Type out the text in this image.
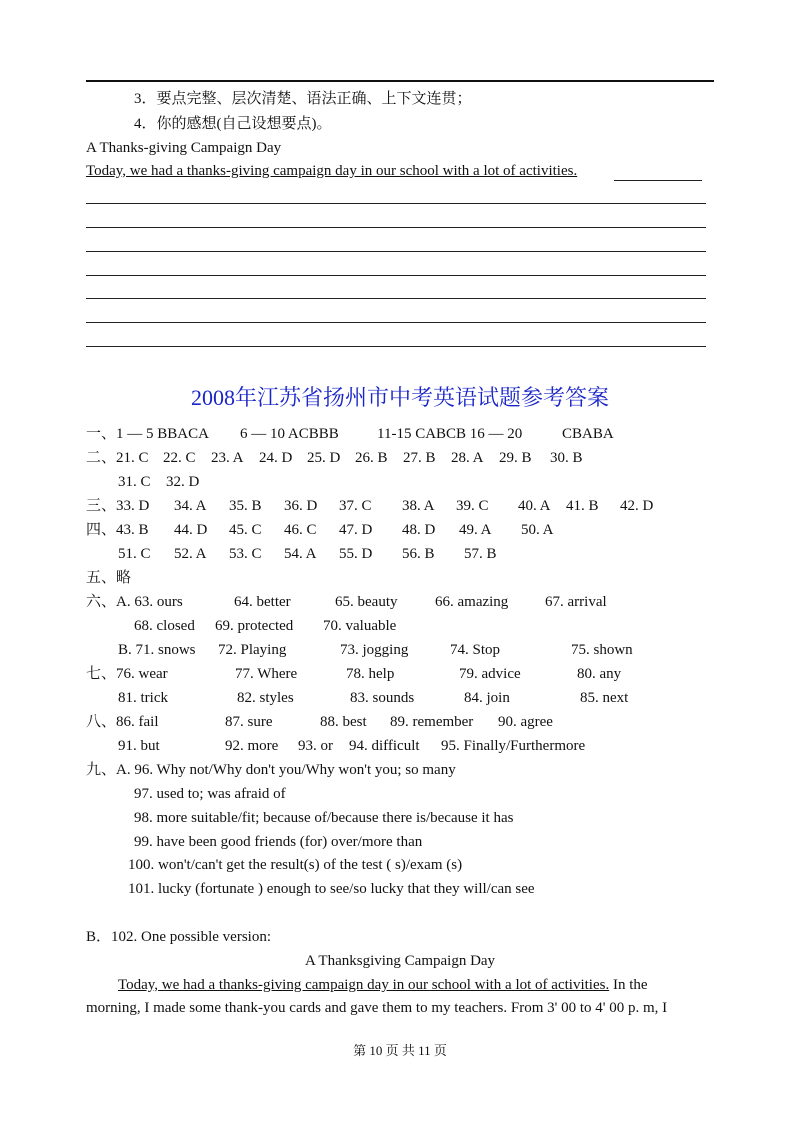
3．要点完整、层次清楚、语法正确、上下文连贯；
4．你的感想(自己设想要点)。
A Thanks-giving Campaign Day
Today, we had a thanks-giving campaign day in our school with a lot of activities.
2008年江苏省扬州市中考英语试题参考答案
一、1 — 5 BBACA 6 — 10 ACBBB	11-15 CABCB 16 — 20	CBABA
二、21. C 22. C 23. A 24. D 25. D 26. B 27. B 28. A 29. B 30. B
31. C 32. D
三、33. D 34. A 35. B 36. D 37. C 38. A 39. C 40. A 41. B 42. D
四、43. B 44. D 45. C 46. C 47. D 48. D 49. A 50. A
51. C 52. A 53. C 54. A 55. D 56. B 57. B
五、略
六、A. 63. ours	64. better	65. beauty	66. amazing 67. arrival
68. closed 69. protected 70. valuable
B. 71. snows 72. Playing	73. jogging	74. Stop	75. shown
七、76. wear	77. Where	78. help	79. advice	80. any
81. trick	82. styles	83. sounds	84. join	85. next
八、86. fail	87. sure	88. best 89. remember 90. agree
91. but	92. more 93. or 94. difficult 95. Finally/Furthermore
九、A. 96. Why not/Why don't you/Why won't you; so many
97. used to; was afraid of
98. more suitable/fit; because of/because there is/because it has
99. have been good friends (for) over/more than
100. won't/can't get the result(s) of the test ( s)/exam (s)
101. lucky (fortunate ) enough to see/so lucky that they will/can see
B．102. One possible version:
A Thanksgiving Campaign Day
Today, we had a thanks-giving campaign day in our school with a lot of activities. In the
morning, I made some thank-you cards and gave them to my teachers. From 3' 00 to 4' 00 p. m, I
第 10 页 共 11 页
